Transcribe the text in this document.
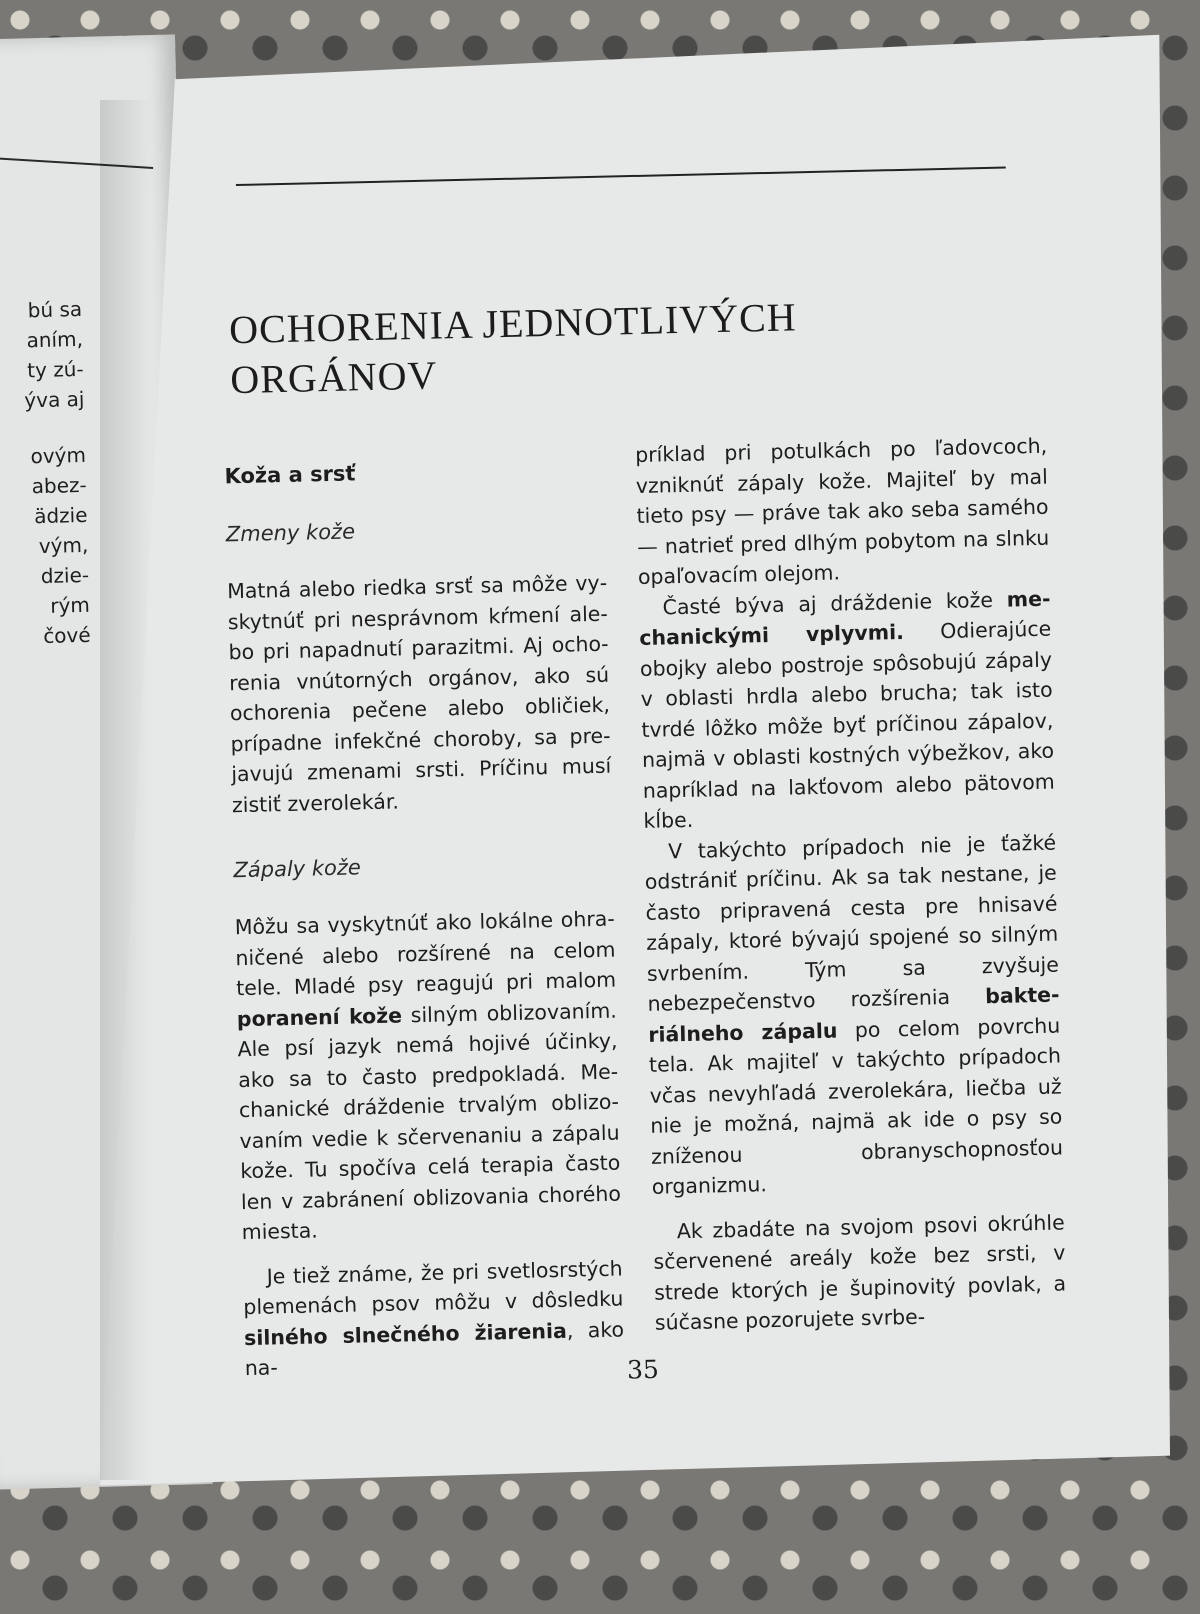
bú sa
aním,
ty zú-
ýva aj
ovým
abez-
ädzie
vým,
dzie-
rým
čové
OCHORENIA JEDNOTLIVÝCH
ORGÁNOV
Koža a srsť
Zmeny kože

Matná alebo riedka srsť sa môže vyskytnúť pri nesprávnom kŕmení alebo pri napadnutí parazitmi. Aj ochorenia vnútorných orgánov, ako sú ochorenia pečene alebo obličiek, prípadne infekčné choroby, sa prejavujú zmenami srsti. Príčinu musí zistiť zverolekár.

Zápaly kože

Môžu sa vyskytnúť ako lokálne ohraničené alebo rozšírené na celom tele. Mladé psy reagujú pri malom poranení kože silným oblizovaním. Ale psí jazyk nemá hojivé účinky, ako sa to často predpokladá. Mechanické dráždenie trvalým oblizovaním vedie k sčervenaniu a zápalu kože. Tu spočíva celá terapia často len v zabránení oblizovania chorého miesta.

Je tiež známe, že pri svetlosrstých plemenách psov môžu v dôsledku silného slnečného žiarenia, ako na-

príklad pri potulkách po ľadovcoch, vzniknúť zápaly kože. Majiteľ by mal tieto psy — práve tak ako seba samého — natrieť pred dlhým pobytom na slnku opaľovacím olejom.

Časté býva aj dráždenie kože mechanickými vplyvmi. Odierajúce obojky alebo postroje spôsobujú zápaly v oblasti hrdla alebo brucha; tak isto tvrdé lôžko môže byť príčinou zápalov, najmä v oblasti kostných výbežkov, ako napríklad na lakťovom alebo pätovom kĺbe.

V takýchto prípadoch nie je ťažké odstrániť príčinu. Ak sa tak nestane, je často pripravená cesta pre hnisavé zápaly, ktoré bývajú spojené so silným svrbením. Tým sa zvyšuje nebezpečenstvo rozšírenia bakteriálneho zápalu po celom povrchu tela. Ak majiteľ v takýchto prípadoch včas nevyhľadá zverolekára, liečba už nie je možná, najmä ak ide o psy so zníženou obranyschopnosťou organizmu.

Ak zbadáte na svojom psovi okrúhle sčervenené areály kože bez srsti, v strede ktorých je šupinovitý povlak, a súčasne pozorujete svrbe-

35
